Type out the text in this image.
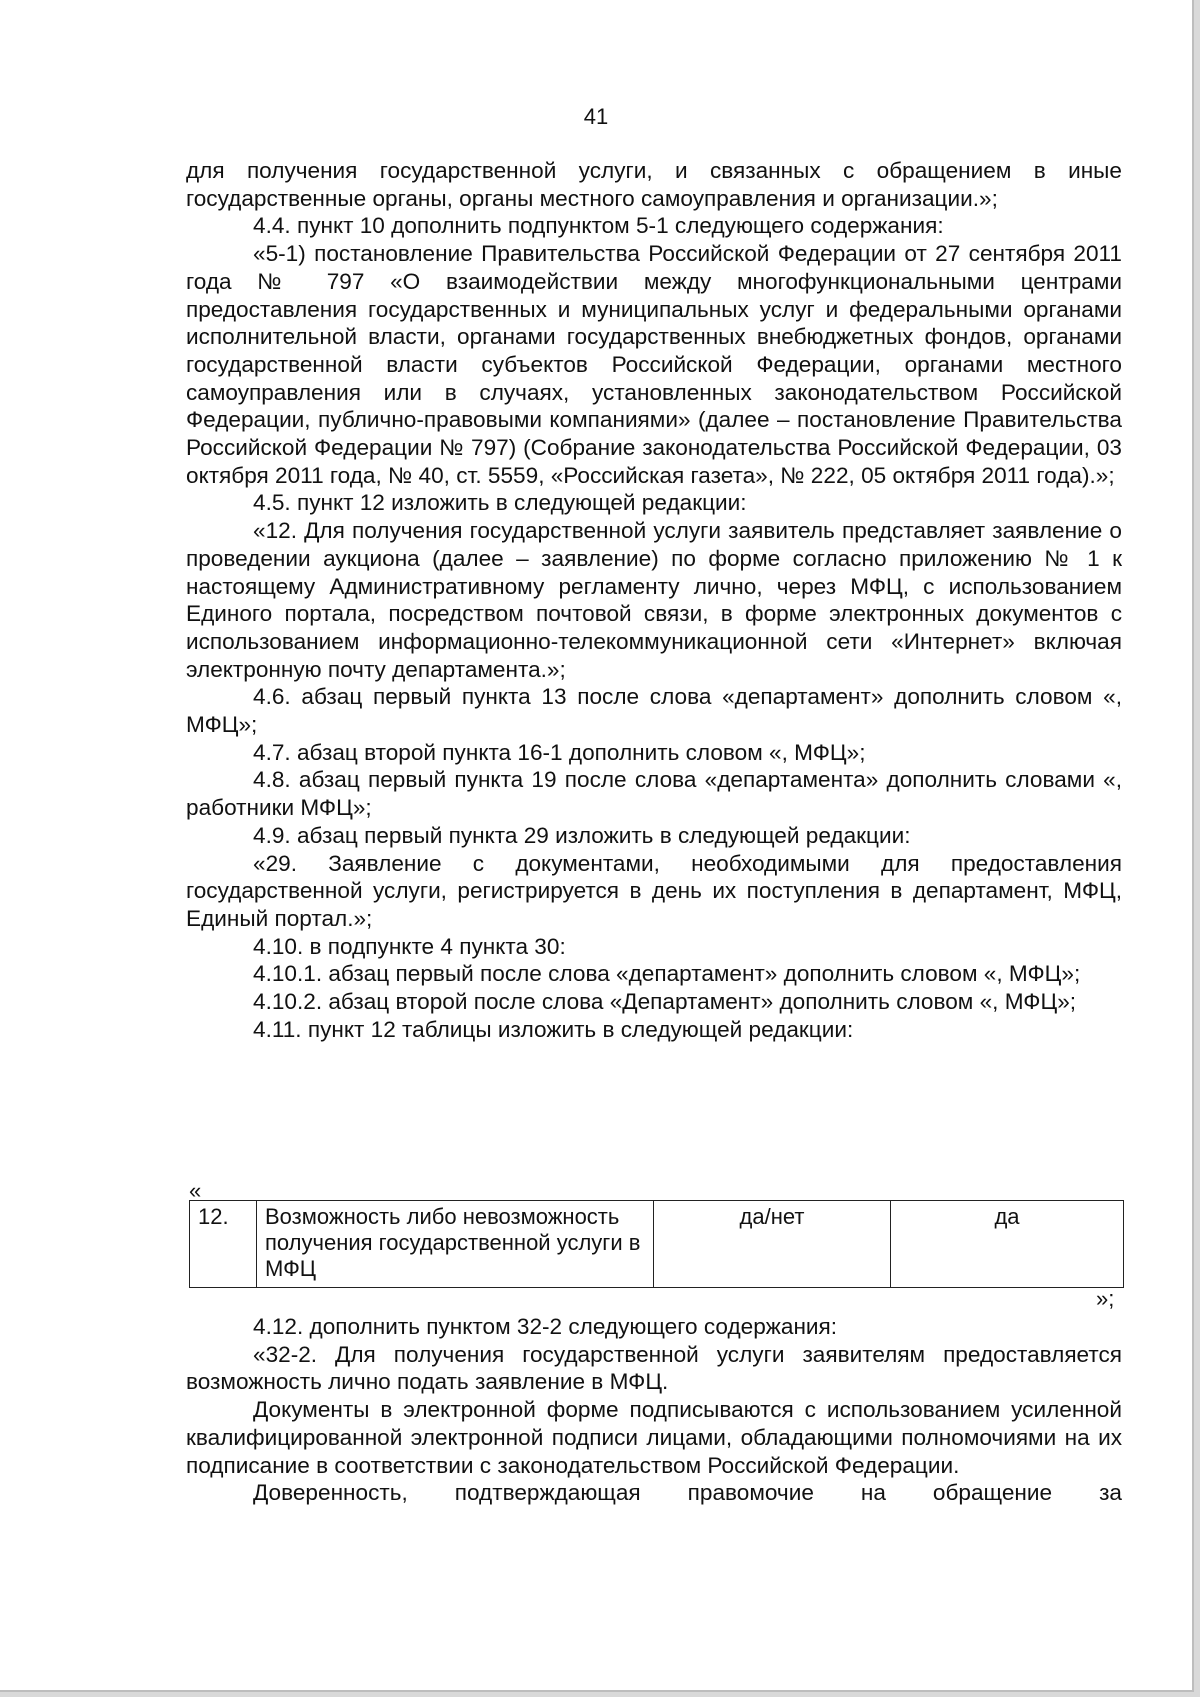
41

для получения государственной услуги, и связанных с обращением в иные государственные органы, органы местного самоуправления и организации.»;

4.4. пункт 10 дополнить подпунктом 5-1 следующего содержания:

«5-1) постановление Правительства Российской Федерации от 27 сентября 2011 года № 797 «О взаимодействии между многофункциональными центрами предоставления государственных и муниципальных услуг и федеральными органами исполнительной власти, органами государственных внебюджетных фондов, органами государственной власти субъектов Российской Федерации, органами местного самоуправления или в случаях, установленных законодательством Российской Федерации, публично-правовыми компаниями» (далее – постановление Правительства Российской Федерации № 797) (Собрание законодательства Российской Федерации, 03 октября 2011 года, № 40, ст. 5559, «Российская газета», № 222, 05 октября 2011 года).»;

4.5. пункт 12 изложить в следующей редакции:

«12. Для получения государственной услуги заявитель представляет заявление о проведении аукциона (далее – заявление) по форме согласно приложению № 1 к настоящему Административному регламенту лично, через МФЦ, с использованием Единого портала, посредством почтовой связи, в форме электронных документов с использованием информационно-телекоммуникационной сети «Интернет» включая электронную почту департамента.»;

4.6. абзац первый пункта 13 после слова «департамент» дополнить словом «, МФЦ»;

4.7. абзац второй пункта 16-1 дополнить словом «, МФЦ»;

4.8. абзац первый пункта 19 после слова «департамента» дополнить словами «, работники МФЦ»;

4.9. абзац первый пункта 29 изложить в следующей редакции:

«29. Заявление с документами, необходимыми для предоставления государственной услуги, регистрируется в день их поступления в департамент, МФЦ, Единый портал.»;

4.10. в подпункте 4 пункта 30:

4.10.1. абзац первый после слова «департамент» дополнить словом «, МФЦ»;

4.10.2. абзац второй после слова «Департамент» дополнить словом «, МФЦ»;

4.11. пункт 12 таблицы изложить в следующей редакции:

«
12.	Возможность либо невозможность получения государственной услуги в МФЦ	да/нет	да
»;

4.12. дополнить пунктом 32-2 следующего содержания:

«32-2. Для получения государственной услуги заявителям предоставляется возможность лично подать заявление в МФЦ.

Документы в электронной форме подписываются с использованием усиленной квалифицированной электронной подписи лицами, обладающими полномочиями на их подписание в соответствии с законодательством Российской Федерации.

Доверенность, подтверждающая правомочие на обращение за
